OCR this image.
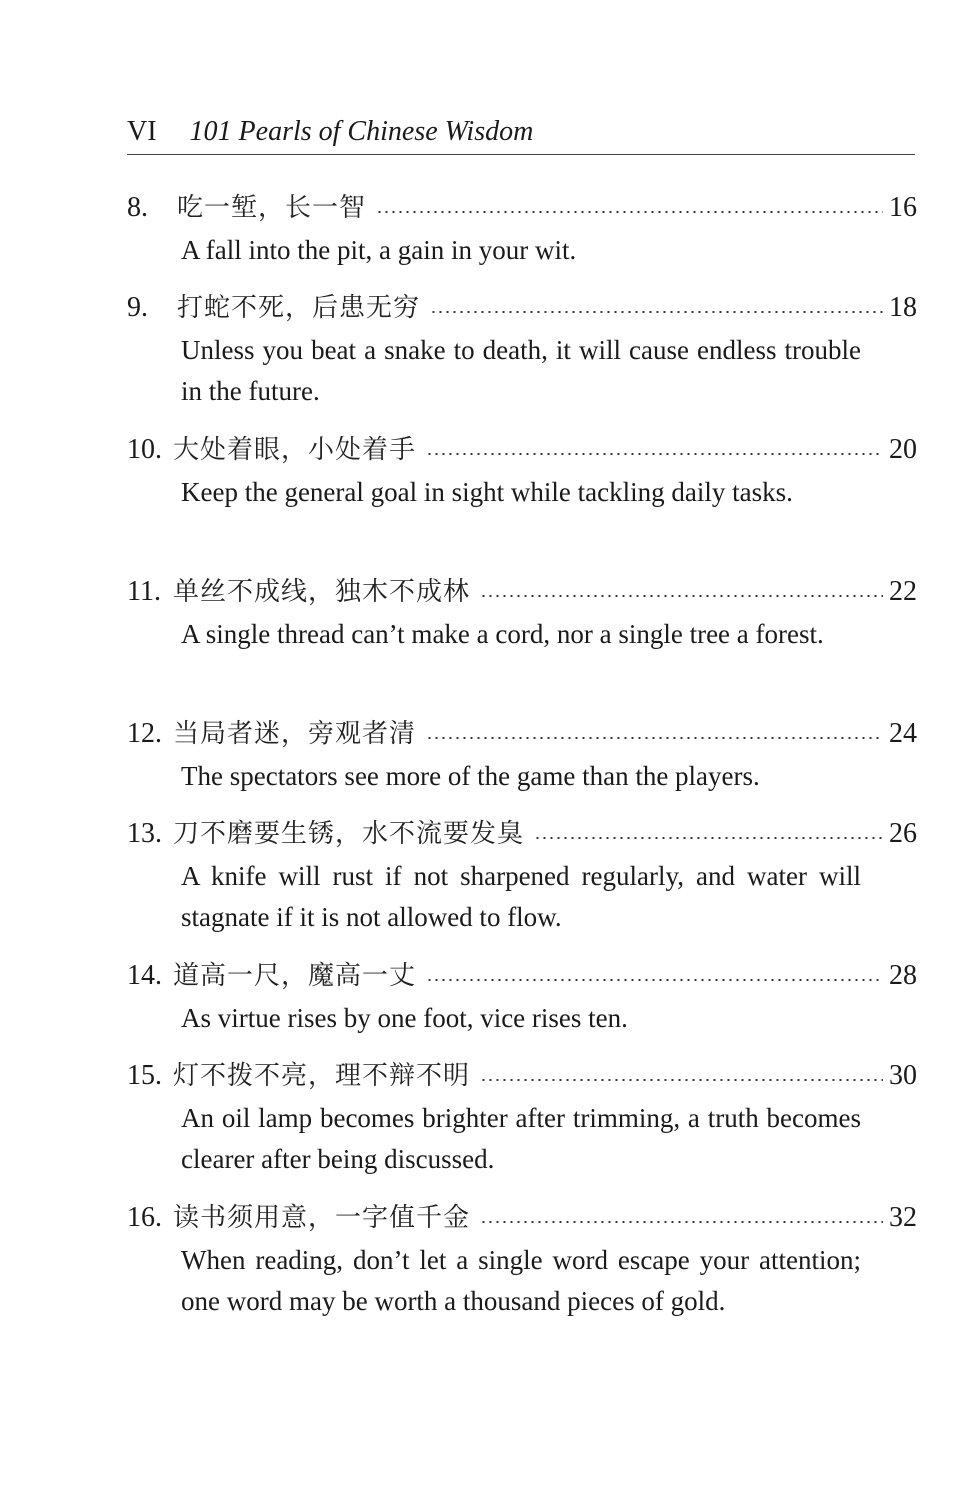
VI 101 Pearls of Chinese Wisdom
8.	吃一堑，长一智	16
A fall into the pit, a gain in your wit.
9.	打蛇不死，后患无穷	18
Unless you beat a snake to death, it will cause endless trouble in the future.
10. 大处着眼，小处着手	20
Keep the general goal in sight while tackling daily tasks.
11. 单丝不成线，独木不成林	22
A single thread can’t make a cord, nor a single tree a forest.
12. 当局者迷，旁观者清	24
The spectators see more of the game than the players.
13. 刀不磨要生锈，水不流要发臭	26
A knife will rust if not sharpened regularly, and water will stagnate if it is not allowed to flow.
14. 道高一尺，魔高一丈	28
As virtue rises by one foot, vice rises ten.
15. 灯不拨不亮，理不辩不明	30
An oil lamp becomes brighter after trimming, a truth becomes clearer after being discussed.
16. 读书须用意，一字值千金	32
When reading, don’t let a single word escape your attention; one word may be worth a thousand pieces of gold.
